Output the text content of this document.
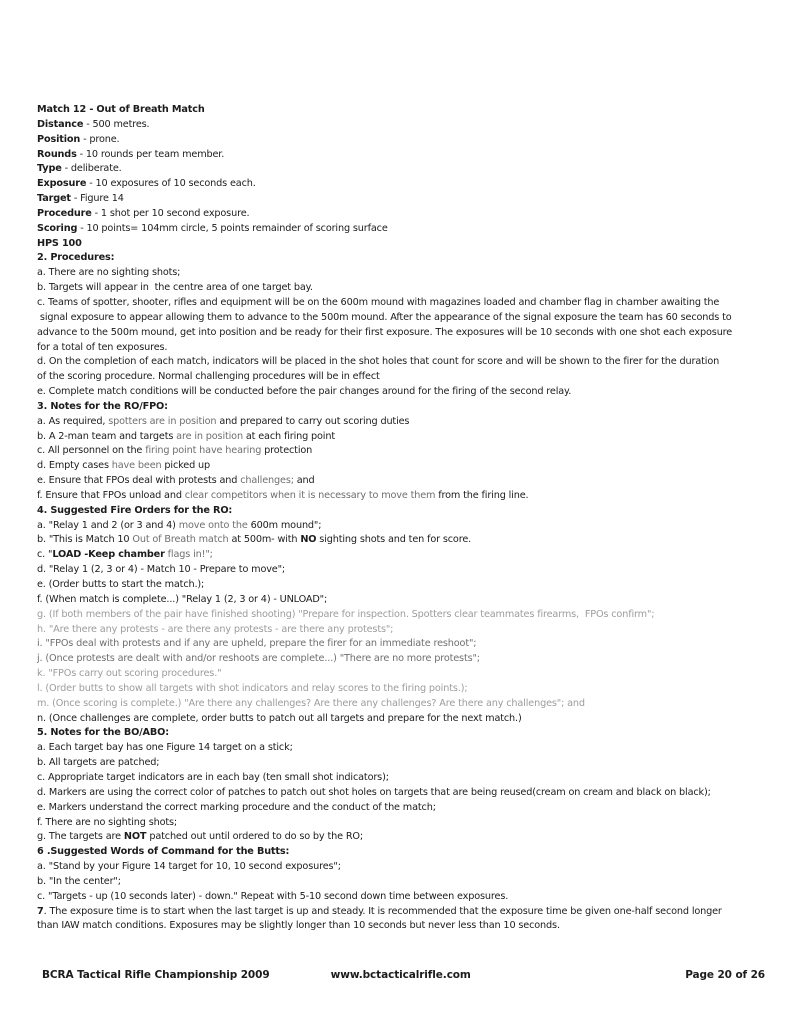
Match 12 - Out of Breath Match
Distance - 500 metres.
Position - prone.
Rounds - 10 rounds per team member.
Type - deliberate.
Exposure - 10 exposures of 10 seconds each.
Target - Figure 14
Procedure - 1 shot per 10 second exposure.
Scoring - 10 points= 104mm circle, 5 points remainder of scoring surface
HPS 100
2. Procedures:
a. There are no sighting shots;
b. Targets will appear in  the centre area of one target bay.
c. Teams of spotter, shooter, rifles and equipment will be on the 600m mound with magazines loaded and chamber flag in chamber awaiting the
signal exposure to appear allowing them to advance to the 500m mound. After the appearance of the signal exposure the team has 60 seconds to
advance to the 500m mound, get into position and be ready for their first exposure. The exposures will be 10 seconds with one shot each exposure
for a total of ten exposures.
d. On the completion of each match, indicators will be placed in the shot holes that count for score and will be shown to the firer for the duration
of the scoring procedure. Normal challenging procedures will be in effect
e. Complete match conditions will be conducted before the pair changes around for the firing of the second relay.
3. Notes for the RO/FPO:
a. As required, spotters are in position and prepared to carry out scoring duties
b. A 2-man team and targets are in position at each firing point
c. All personnel on the firing point have hearing protection
d. Empty cases have been picked up
e. Ensure that FPOs deal with protests and challenges; and
f. Ensure that FPOs unload and clear competitors when it is necessary to move them from the firing line.
4. Suggested Fire Orders for the RO:
a. "Relay 1 and 2 (or 3 and 4) move onto the 600m mound";
b. "This is Match 10 Out of Breath match at 500m- with NO sighting shots and ten for score.
c. "LOAD -Keep chamber flags in!";
d. "Relay 1 (2, 3 or 4) - Match 10 - Prepare to move";
e. (Order butts to start the match.);
f. (When match is complete...) "Relay 1 (2, 3 or 4) - UNLOAD";
g. (If both members of the pair have finished shooting) "Prepare for inspection. Spotters clear teammates firearms,  FPOs confirm";
h. "Are there any protests - are there any protests - are there any protests";
i. "FPOs deal with protests and if any are upheld, prepare the firer for an immediate reshoot";
j. (Once protests are dealt with and/or reshoots are complete...) "There are no more protests";
k. "FPOs carry out scoring procedures."
l. (Order butts to show all targets with shot indicators and relay scores to the firing points.);
m. (Once scoring is complete.) "Are there any challenges? Are there any challenges? Are there any challenges"; and
n. (Once challenges are complete, order butts to patch out all targets and prepare for the next match.)
5. Notes for the BO/ABO:
a. Each target bay has one Figure 14 target on a stick;
b. All targets are patched;
c. Appropriate target indicators are in each bay (ten small shot indicators);
d. Markers are using the correct color of patches to patch out shot holes on targets that are being reused(cream on cream and black on black);
e. Markers understand the correct marking procedure and the conduct of the match;
f. There are no sighting shots;
g. The targets are NOT patched out until ordered to do so by the RO;
6 .Suggested Words of Command for the Butts:
a. "Stand by your Figure 14 target for 10, 10 second exposures";
b. "In the center";
c. "Targets - up (10 seconds later) - down." Repeat with 5-10 second down time between exposures.
7. The exposure time is to start when the last target is up and steady. It is recommended that the exposure time be given one-half second longer
than IAW match conditions. Exposures may be slightly longer than 10 seconds but never less than 10 seconds.
BCRA Tactical Rifle Championship 2009	www.bctacticalrifle.com	Page 20 of 26
